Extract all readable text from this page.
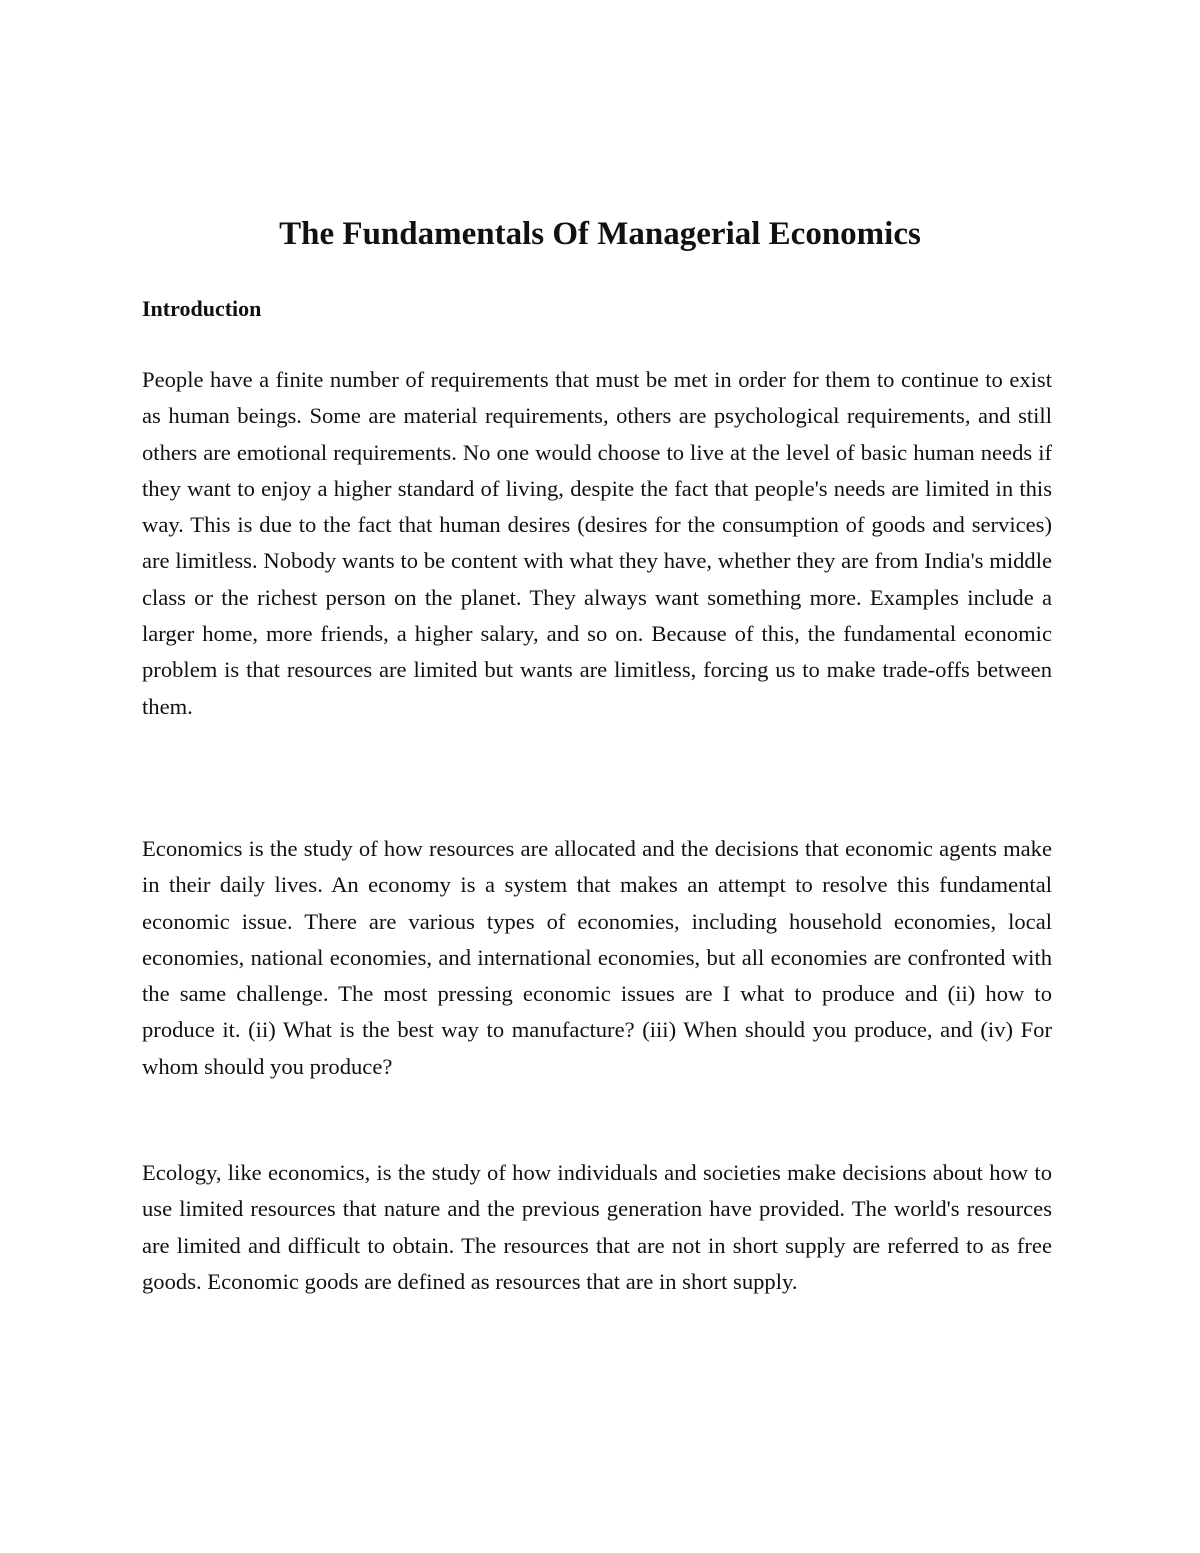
The Fundamentals Of Managerial Economics
Introduction

People have a finite number of requirements that must be met in order for them to continue to exist as human beings. Some are material requirements, others are psychological requirements, and still others are emotional requirements. No one would choose to live at the level of basic human needs if they want to enjoy a higher standard of living, despite the fact that people's needs are limited in this way. This is due to the fact that human desires (desires for the consumption of goods and services) are limitless. Nobody wants to be content with what they have, whether they are from India's middle class or the richest person on the planet. They always want something more. Examples include a larger home, more friends, a higher salary, and so on. Because of this, the fundamental economic problem is that resources are limited but wants are limitless, forcing us to make trade-offs between them.

Economics is the study of how resources are allocated and the decisions that economic agents make in their daily lives. An economy is a system that makes an attempt to resolve this fundamental economic issue. There are various types of economies, including household economies, local economies, national economies, and international economies, but all economies are confronted with the same challenge. The most pressing economic issues are I what to produce and (ii) how to produce it. (ii) What is the best way to manufacture? (iii) When should you produce, and (iv) For whom should you produce?

Ecology, like economics, is the study of how individuals and societies make decisions about how to use limited resources that nature and the previous generation have provided. The world's resources are limited and difficult to obtain. The resources that are not in short supply are referred to as free goods. Economic goods are defined as resources that are in short supply.
